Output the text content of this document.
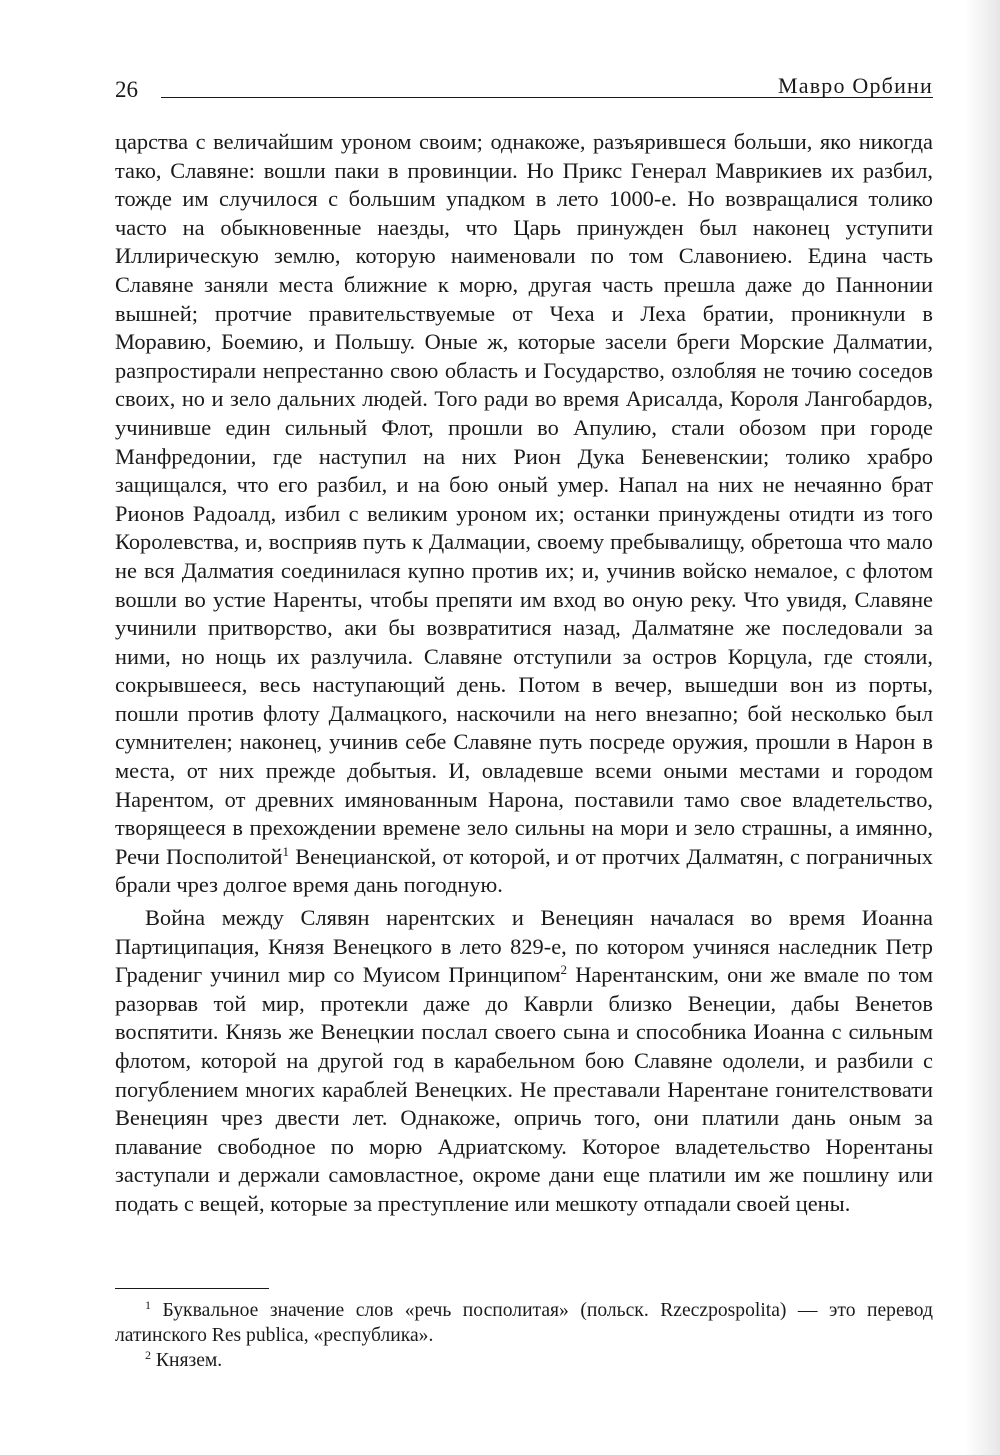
26	Мавро Орбини

царства с величайшим уроном своим; однакоже, разъярившеся больши, яко никогда тако, Славяне: вошли паки в провинции. Но Прикс Генерал Маврикиев их разбил, тожде им случилося с большим упадком в лето 1000-е. Но возвращалися толико часто на обыкновенные наезды, что Царь принужден был наконец уступити Иллирическую землю, которую наименовали по том Славониею. Едина часть Славяне заняли места ближние к морю, другая часть прешла даже до Паннонии вышней; протчие правительствуемые от Чеха и Леха братии, проникнули в Моравию, Боемию, и Польшу. Оные ж, которые засели бреги Морские Далматии, разпростирали непрестанно свою область и Государство, озлобляя не точию соседов своих, но и зело дальних людей. Того ради во время Арисалда, Короля Лангобардов, учинивше един сильный Флот, прошли во Апулию, стали обозом при городе Манфредонии, где наступил на них Рион Дука Беневенскии; толико храбро защищался, что его разбил, и на бою оный умер. Напал на них не нечаянно брат Рионов Радоалд, избил с великим уроном их; останки принуждены отидти из того Королевства, и, восприяв путь к Далмации, своему пребывалищу, обретоша что мало не вся Далматия соединилася купно против их; и, учинив войско немалое, с флотом вошли во устие Наренты, чтобы препяти им вход во оную реку. Что увидя, Славяне учинили притворство, аки бы возвратитися назад, Далматяне же последовали за ними, но нощь их разлучила. Славяне отступили за остров Корцула, где стояли, сокрывшееся, весь наступающий день. Потом в вечер, вышедши вон из порты, пошли против флоту Далмацкого, наскочили на него внезапно; бой несколько был сумнителен; наконец, учинив себе Славяне путь посреде оружия, прошли в Нарон в места, от них прежде добытыя. И, овладевше всеми оными местами и городом Нарентом, от древних имянованным Нарона, поставили тамо свое владетельство, творящееся в прехождении времене зело сильны на мори и зело страшны, а имянно, Речи Посполитой$^1$ Венецианской, от которой, и от протчих Далматян, с пограничных брали чрез долгое время дань погодную.

Война между Слявян нарентских и Венециян началася во время Иоанна Партиципация, Князя Венецкого в лето 829-е, по котором учиняся наследник Петр Градениг учинил мир со Муисом Принципом$^2$ Нарентанским, они же вмале по том разорвав той мир, протекли даже до Каврли близко Венеции, дабы Венетов воспятити. Князь же Венецкии послал своего сына и способника Иоанна с сильным флотом, которой на другой год в карабельном бою Славяне одолели, и разбили с погублением многих караблей Венецких. Не преставали Нарентане гонителствовати Венециян чрез двести лет. Однакоже, опричь того, они платили дань оным за плавание свободное по морю Адриатскому. Которое владетельство Норентаны заступали и держали самовластное, окроме дани еще платили им же пошлину или подать с вещей, которые за преступление или мешкоту отпадали своей цены.

$^1$ Буквальное значение слов «речь посполитая» (польск. Rzeczpospolita) — это перевод латинского Res publica, «республика».

$^2$ Князем.
